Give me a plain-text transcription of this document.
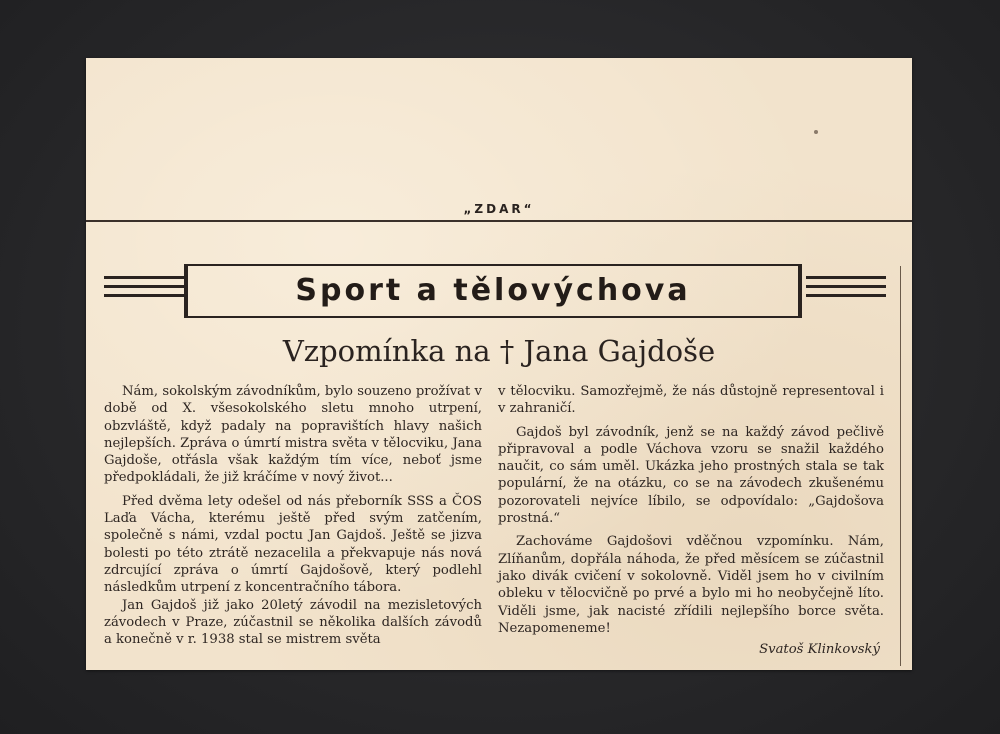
„ZDAR“
Sport a tělovýchova
Vzpomínka na † Jana Gajdoše

Nám, sokolským závodníkům, bylo souzeno prožívat v době od X. všesokolského sletu mnoho utrpení, obzvláště, když padaly na popravištích hlavy našich nejlepších. Zpráva o úmrtí mistra světa v tělocviku, Jana Gajdoše, otřásla však každým tím více, neboť jsme předpokládali, že již kráčíme v nový život...

Před dvěma lety odešel od nás přeborník SSS a ČOS Laďa Vácha, kterému ještě před svým zatčením, společně s námi, vzdal poctu Jan Gajdoš. Ještě se jizva bolesti po této ztrátě nezacelila a překvapuje nás nová zdrcující zpráva o úmrtí Gajdošově, který podlehl následkům utrpení z koncentračního tábora.

Jan Gajdoš již jako 20letý závodil na mezisletových závodech v Praze, zúčastnil se několika dalších závodů a konečně v r. 1938 stal se mistrem světa

v tělocviku. Samozřejmě, že nás důstojně representoval i v zahraničí.

Gajdoš byl závodník, jenž se na každý závod pečlivě připravoval a podle Váchova vzoru se snažil každého naučit, co sám uměl. Ukázka jeho prostných stala se tak populární, že na otázku, co se na závodech zkušenému pozorovateli nejvíce líbilo, se odpovídalo: „Gajdošova prostná.“

Zachováme Gajdošovi vděčnou vzpomínku. Nám, Zlíňanům, dopřála náhoda, že před měsícem se zúčastnil jako divák cvičení v sokolovně. Viděl jsem ho v civilním obleku v tělocvičně po prvé a bylo mi ho neobyčejně líto. Viděli jsme, jak nacisté zřídili nejlepšího borce světa. Nezapomeneme!

Svatoš Klinkovský
